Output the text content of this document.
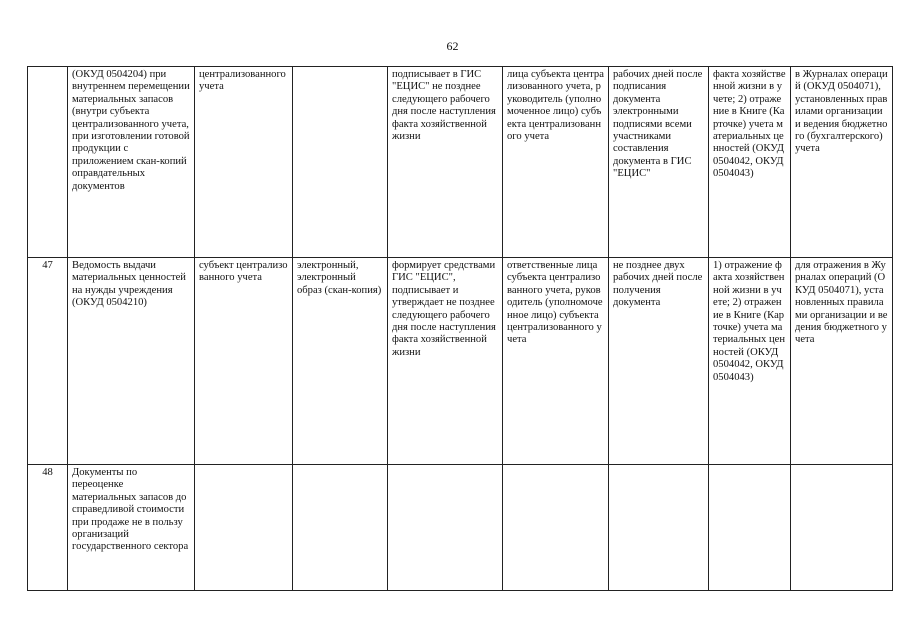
62
	(ОКУД 0504204) при внутреннем перемещении материальных запасов (внутри субъекта централизованного учета, при изготовлении готовой продукции с приложением скан-копий оправдательных документов	централизованного учета		подписывает в ГИС "ЕЦИС" не позднее следующего рабочего дня после наступления факта хозяйственной жизни	лица субъекта централизованного учета, руководитель (уполномоченное лицо) субъекта централизованного учета	рабочих дней после подписания документа электронными подписями всеми участниками составления документа в ГИС "ЕЦИС"	факта хозяйственной жизни в учете; 2) отражение в Книге (Карточке) учета материальных ценностей (ОКУД 0504042, ОКУД 0504043)	в Журналах операций (ОКУД 0504071), установленных правилами организации и ведения бюджетного (бухгалтерского) учета
47	Ведомость выдачи материальных ценностей на нужды учреждения (ОКУД 0504210)	субъект централизованного учета	электронный, электронный образ (скан-копия)	формирует средствами ГИС "ЕЦИС", подписывает и утверждает не позднее следующего рабочего дня после наступления факта хозяйственной жизни	ответственные лица субъекта централизованного учета, руководитель (уполномоченное лицо) субъекта централизованного учета	не позднее двух рабочих дней после получения документа	1) отражение факта хозяйственной жизни в учете; 2) отражение в Книге (Карточке) учета материальных ценностей (ОКУД 0504042, ОКУД 0504043)	для отражения в Журналах операций (ОКУД 0504071), установленных правилами организации и ведения бюджетного учета
48	Документы по переоценке материальных запасов до справедливой стоимости при продаже не в пользу организаций государственного сектора							
